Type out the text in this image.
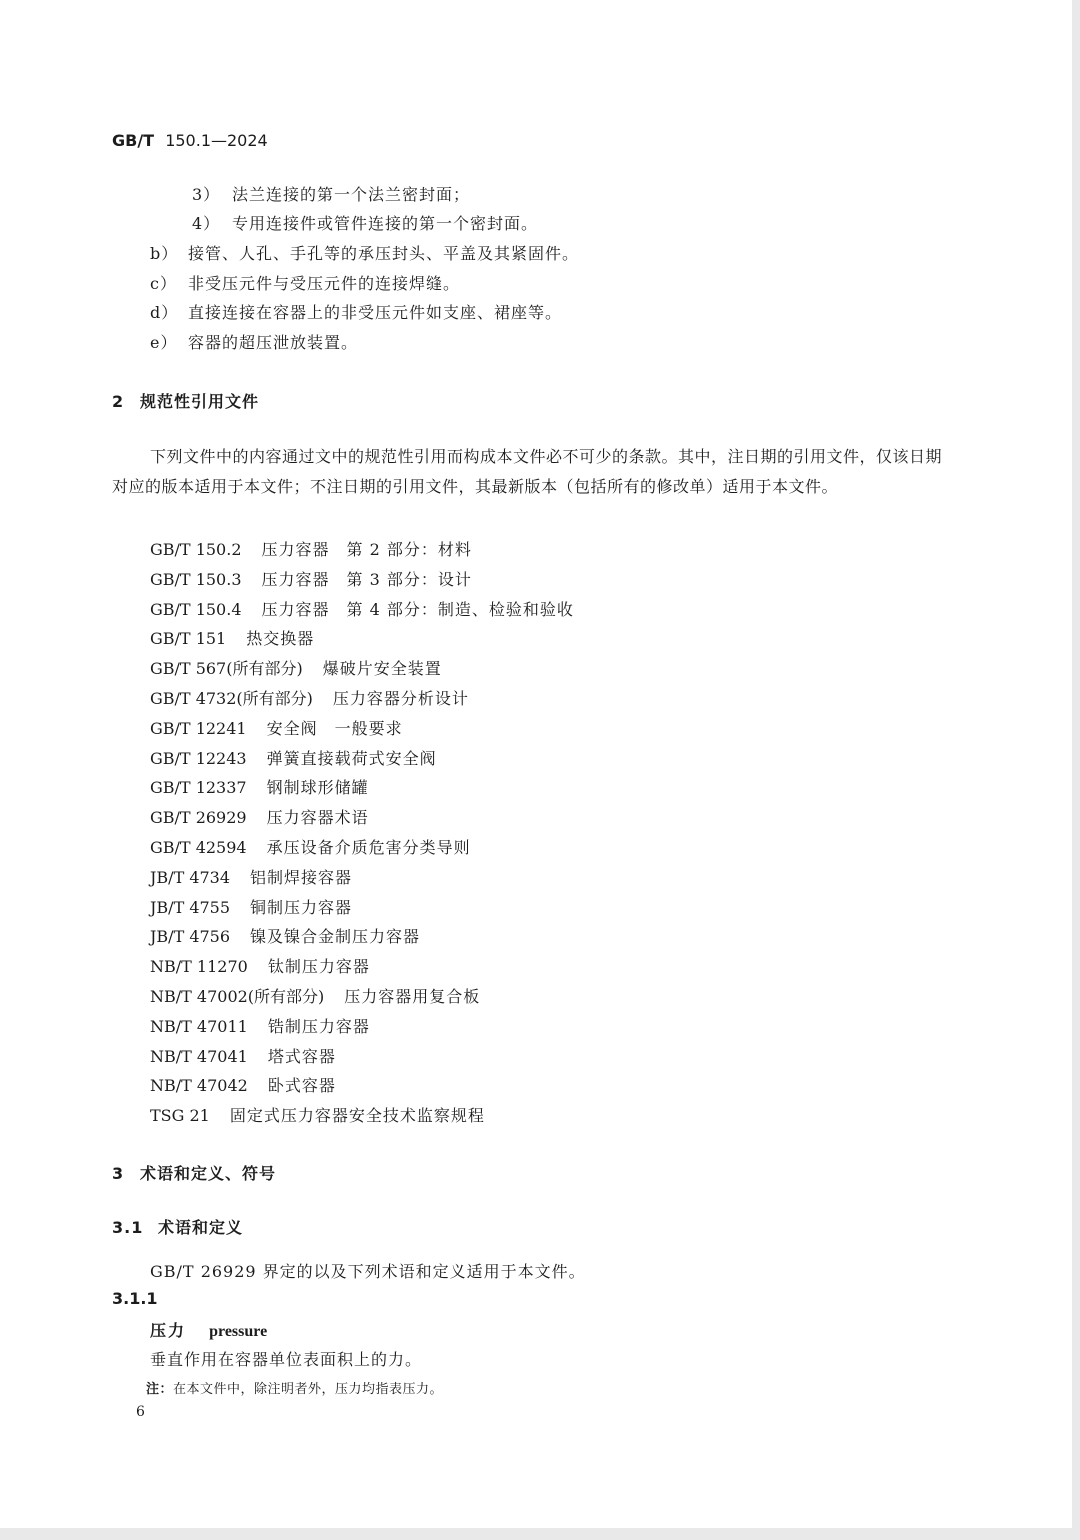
GB/T 150.1—2024
3） 法兰连接的第一个法兰密封面；
4） 专用连接件或管件连接的第一个密封面。
b） 接管、人孔、手孔等的承压封头、平盖及其紧固件。
c） 非受压元件与受压元件的连接焊缝。
d） 直接连接在容器上的非受压元件如支座、裙座等。
e） 容器的超压泄放装置。
2 规范性引用文件
下列文件中的内容通过文中的规范性引用而构成本文件必不可少的条款。其中，注日期的引用文件，仅该日期对应的版本适用于本文件；不注日期的引用文件，其最新版本（包括所有的修改单）适用于本文件。
GB/T 150.2 压力容器　第 2 部分：材料
GB/T 150.3 压力容器　第 3 部分：设计
GB/T 150.4 压力容器　第 4 部分：制造、检验和验收
GB/T 151 热交换器
GB/T 567(所有部分) 爆破片安全装置
GB/T 4732(所有部分) 压力容器分析设计
GB/T 12241 安全阀　一般要求
GB/T 12243 弹簧直接载荷式安全阀
GB/T 12337 钢制球形储罐
GB/T 26929 压力容器术语
GB/T 42594 承压设备介质危害分类导则
JB/T 4734 铝制焊接容器
JB/T 4755 铜制压力容器
JB/T 4756 镍及镍合金制压力容器
NB/T 11270 钛制压力容器
NB/T 47002(所有部分) 压力容器用复合板
NB/T 47011 锆制压力容器
NB/T 47041 塔式容器
NB/T 47042 卧式容器
TSG 21 固定式压力容器安全技术监察规程
3 术语和定义、符号
3.1 术语和定义
GB/T 26929 界定的以及下列术语和定义适用于本文件。
3.1.1
压力 pressure
垂直作用在容器单位表面积上的力。
注：在本文件中，除注明者外，压力均指表压力。
6
